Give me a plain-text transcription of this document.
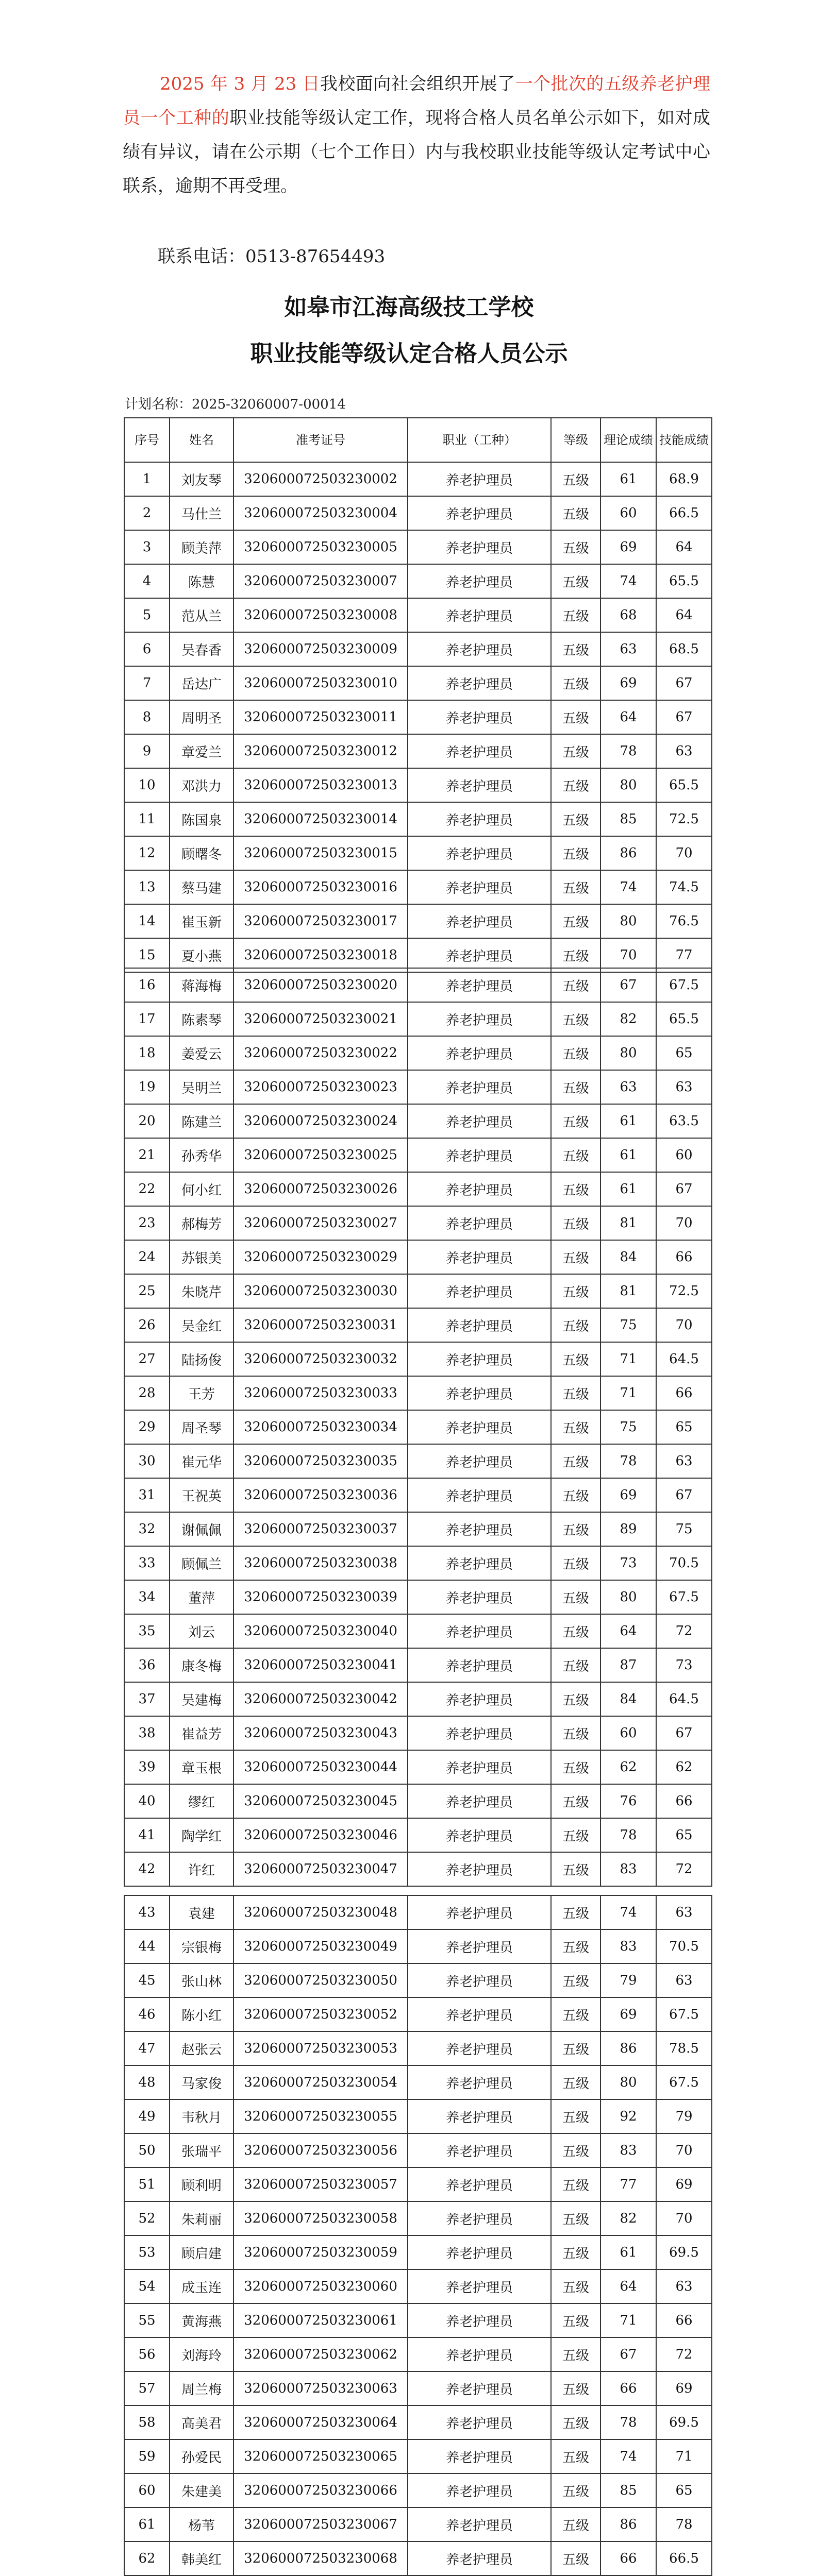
2025 年 3 月 23 日我校面向社会组织开展了一个批次的五级养老护理员一个工种的职业技能等级认定工作，现将合格人员名单公示如下，如对成绩有异议，请在公示期（七个工作日）内与我校职业技能等级认定考试中心联系，逾期不再受理。

联系电话：0513-87654493
如皋市江海高级技工学校
职业技能等级认定合格人员公示
计划名称：2025-32060007-00014
序号	姓名	准考证号	职业（工种）	等级	理论成绩	技能成绩
1	刘友琴	320600072503230002	养老护理员	五级	61	68.9
2	马仕兰	320600072503230004	养老护理员	五级	60	66.5
3	顾美萍	320600072503230005	养老护理员	五级	69	64
4	陈慧	320600072503230007	养老护理员	五级	74	65.5
5	范从兰	320600072503230008	养老护理员	五级	68	64
6	吴春香	320600072503230009	养老护理员	五级	63	68.5
7	岳达广	320600072503230010	养老护理员	五级	69	67
8	周明圣	320600072503230011	养老护理员	五级	64	67
9	章爱兰	320600072503230012	养老护理员	五级	78	63
10	邓洪力	320600072503230013	养老护理员	五级	80	65.5
11	陈国泉	320600072503230014	养老护理员	五级	85	72.5
12	顾曙冬	320600072503230015	养老护理员	五级	86	70
13	蔡马建	320600072503230016	养老护理员	五级	74	74.5
14	崔玉新	320600072503230017	养老护理员	五级	80	76.5
15	夏小燕	320600072503230018	养老护理员	五级	70	77
16	蒋海梅	320600072503230020	养老护理员	五级	67	67.5
17	陈素琴	320600072503230021	养老护理员	五级	82	65.5
18	姜爱云	320600072503230022	养老护理员	五级	80	65
19	吴明兰	320600072503230023	养老护理员	五级	63	63
20	陈建兰	320600072503230024	养老护理员	五级	61	63.5
21	孙秀华	320600072503230025	养老护理员	五级	61	60
22	何小红	320600072503230026	养老护理员	五级	61	67
23	郝梅芳	320600072503230027	养老护理员	五级	81	70
24	苏银美	320600072503230029	养老护理员	五级	84	66
25	朱晓芹	320600072503230030	养老护理员	五级	81	72.5
26	吴金红	320600072503230031	养老护理员	五级	75	70
27	陆扬俊	320600072503230032	养老护理员	五级	71	64.5
28	王芳	320600072503230033	养老护理员	五级	71	66
29	周圣琴	320600072503230034	养老护理员	五级	75	65
30	崔元华	320600072503230035	养老护理员	五级	78	63
31	王祝英	320600072503230036	养老护理员	五级	69	67
32	谢佩佩	320600072503230037	养老护理员	五级	89	75
33	顾佩兰	320600072503230038	养老护理员	五级	73	70.5
34	董萍	320600072503230039	养老护理员	五级	80	67.5
35	刘云	320600072503230040	养老护理员	五级	64	72
36	康冬梅	320600072503230041	养老护理员	五级	87	73
37	吴建梅	320600072503230042	养老护理员	五级	84	64.5
38	崔益芳	320600072503230043	养老护理员	五级	60	67
39	章玉根	320600072503230044	养老护理员	五级	62	62
40	缪红	320600072503230045	养老护理员	五级	76	66
41	陶学红	320600072503230046	养老护理员	五级	78	65
42	许红	320600072503230047	养老护理员	五级	83	72
43	袁建	320600072503230048	养老护理员	五级	74	63
44	宗银梅	320600072503230049	养老护理员	五级	83	70.5
45	张山林	320600072503230050	养老护理员	五级	79	63
46	陈小红	320600072503230052	养老护理员	五级	69	67.5
47	赵张云	320600072503230053	养老护理员	五级	86	78.5
48	马家俊	320600072503230054	养老护理员	五级	80	67.5
49	韦秋月	320600072503230055	养老护理员	五级	92	79
50	张瑞平	320600072503230056	养老护理员	五级	83	70
51	顾利明	320600072503230057	养老护理员	五级	77	69
52	朱莉丽	320600072503230058	养老护理员	五级	82	70
53	顾启建	320600072503230059	养老护理员	五级	61	69.5
54	成玉连	320600072503230060	养老护理员	五级	64	63
55	黄海燕	320600072503230061	养老护理员	五级	71	66
56	刘海玲	320600072503230062	养老护理员	五级	67	72
57	周兰梅	320600072503230063	养老护理员	五级	66	69
58	高美君	320600072503230064	养老护理员	五级	78	69.5
59	孙爱民	320600072503230065	养老护理员	五级	74	71
60	朱建美	320600072503230066	养老护理员	五级	85	65
61	杨苇	320600072503230067	养老护理员	五级	86	78
62	韩美红	320600072503230068	养老护理员	五级	66	66.5
